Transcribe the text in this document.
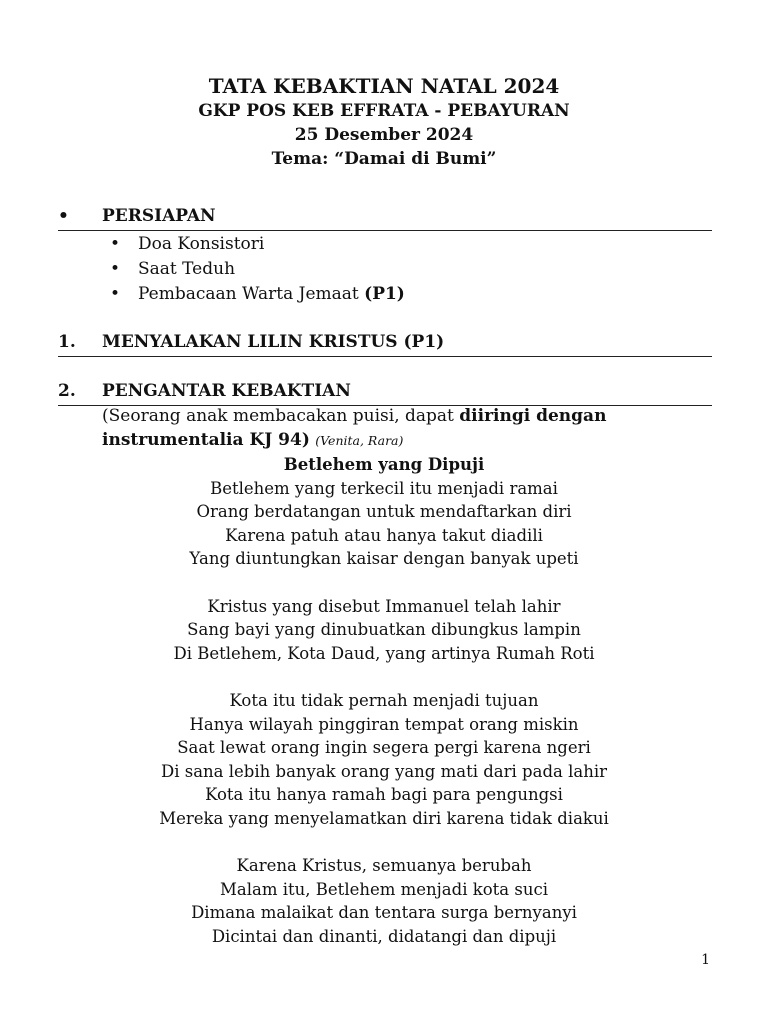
TATA KEBAKTIAN NATAL 2024
GKP POS KEB EFFRATA - PEBAYURAN
25 Desember 2024
Tema: “Damai di Bumi”
• PERSIAPAN
• Doa Konsistori
• Saat Teduh
• Pembacaan Warta Jemaat (P1)
1. MENYALAKAN LILIN KRISTUS (P1)
2. PENGANTAR KEBAKTIAN
(Seorang anak membacakan puisi, dapat diiringi dengan instrumentalia KJ 94) (Venita, Rara)
Betlehem yang Dipuji
Betlehem yang terkecil itu menjadi ramai
Orang berdatangan untuk mendaftarkan diri
Karena patuh atau hanya takut diadili
Yang diuntungkan kaisar dengan banyak upeti
Kristus yang disebut Immanuel telah lahir
Sang bayi yang dinubuatkan dibungkus lampin
Di Betlehem, Kota Daud, yang artinya Rumah Roti
Kota itu tidak pernah menjadi tujuan
Hanya wilayah pinggiran tempat orang miskin
Saat lewat orang ingin segera pergi karena ngeri
Di sana lebih banyak orang yang mati dari pada lahir
Kota itu hanya ramah bagi para pengungsi
Mereka yang menyelamatkan diri karena tidak diakui
Karena Kristus, semuanya berubah
Malam itu, Betlehem menjadi kota suci
Dimana malaikat dan tentara surga bernyanyi
Dicintai dan dinanti, didatangi dan dipuji
1
